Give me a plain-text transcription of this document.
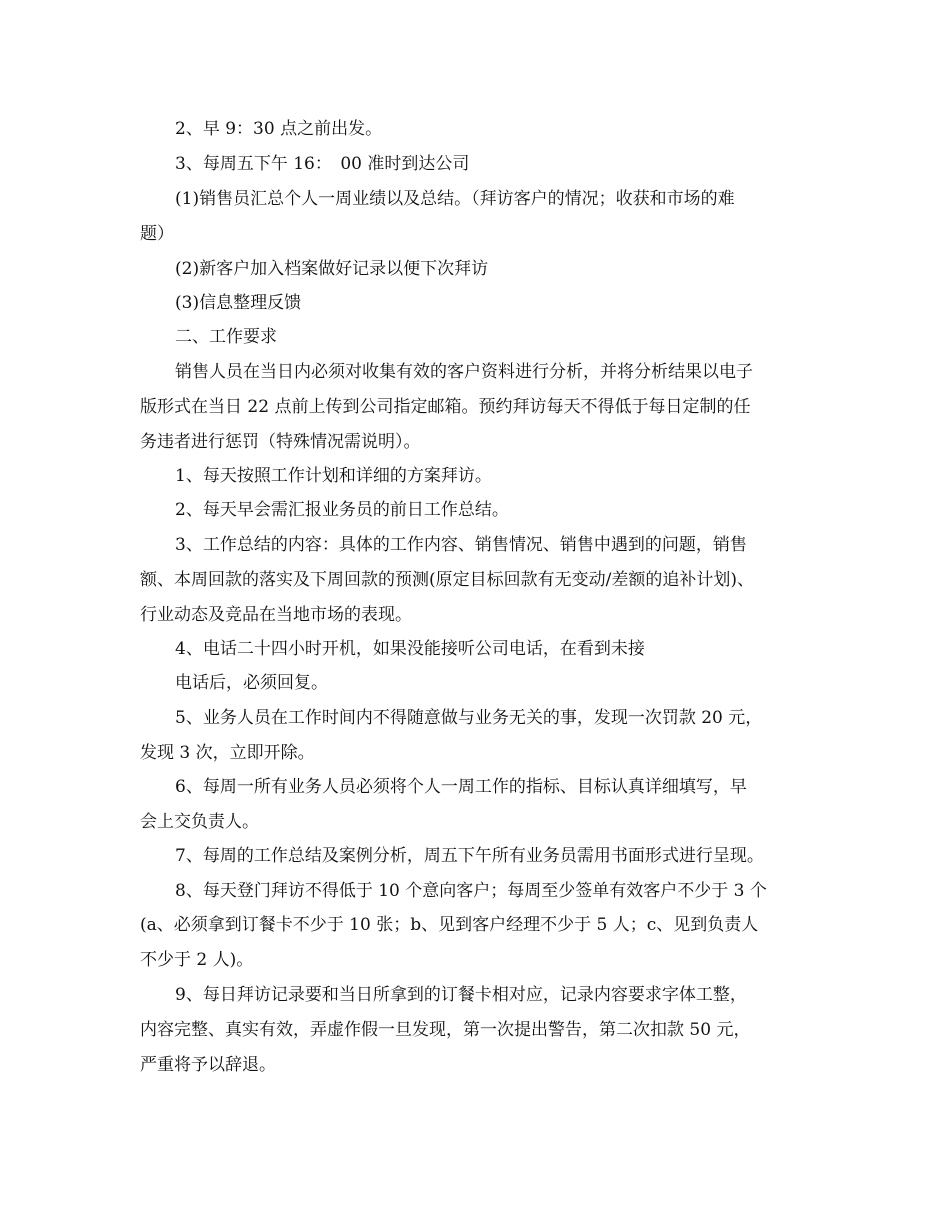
2、早 9：30 点之前出发。
3、每周五下午 16：　00 准时到达公司
(1)销售员汇总个人一周业绩以及总结。（拜访客户的情况；收获和市场的难
题）
(2)新客户加入档案做好记录以便下次拜访
(3)信息整理反馈
二、工作要求
销售人员在当日内必须对收集有效的客户资料进行分析，并将分析结果以电子
版形式在当日 22 点前上传到公司指定邮箱。预约拜访每天不得低于每日定制的任
务违者进行惩罚（特殊情况需说明）。
1、每天按照工作计划和详细的方案拜访。
2、每天早会需汇报业务员的前日工作总结。
3、工作总结的内容：具体的工作内容、销售情况、销售中遇到的问题，销售
额、本周回款的落实及下周回款的预测(原定目标回款有无变动/差额的追补计划)、
行业动态及竞品在当地市场的表现。
4、电话二十四小时开机，如果没能接听公司电话，在看到未接
电话后，必须回复。
5、业务人员在工作时间内不得随意做与业务无关的事，发现一次罚款 20 元，
发现 3 次，立即开除。
6、每周一所有业务人员必须将个人一周工作的指标、目标认真详细填写，早
会上交负责人。
7、每周的工作总结及案例分析，周五下午所有业务员需用书面形式进行呈现。
8、每天登门拜访不得低于 10 个意向客户；每周至少签单有效客户不少于 3 个
(a、必须拿到订餐卡不少于 10 张；b、见到客户经理不少于 5 人；c、见到负责人
不少于 2 人)。
9、每日拜访记录要和当日所拿到的订餐卡相对应，记录内容要求字体工整，
内容完整、真实有效，弄虚作假一旦发现，第一次提出警告，第二次扣款 50 元，
严重将予以辞退。
